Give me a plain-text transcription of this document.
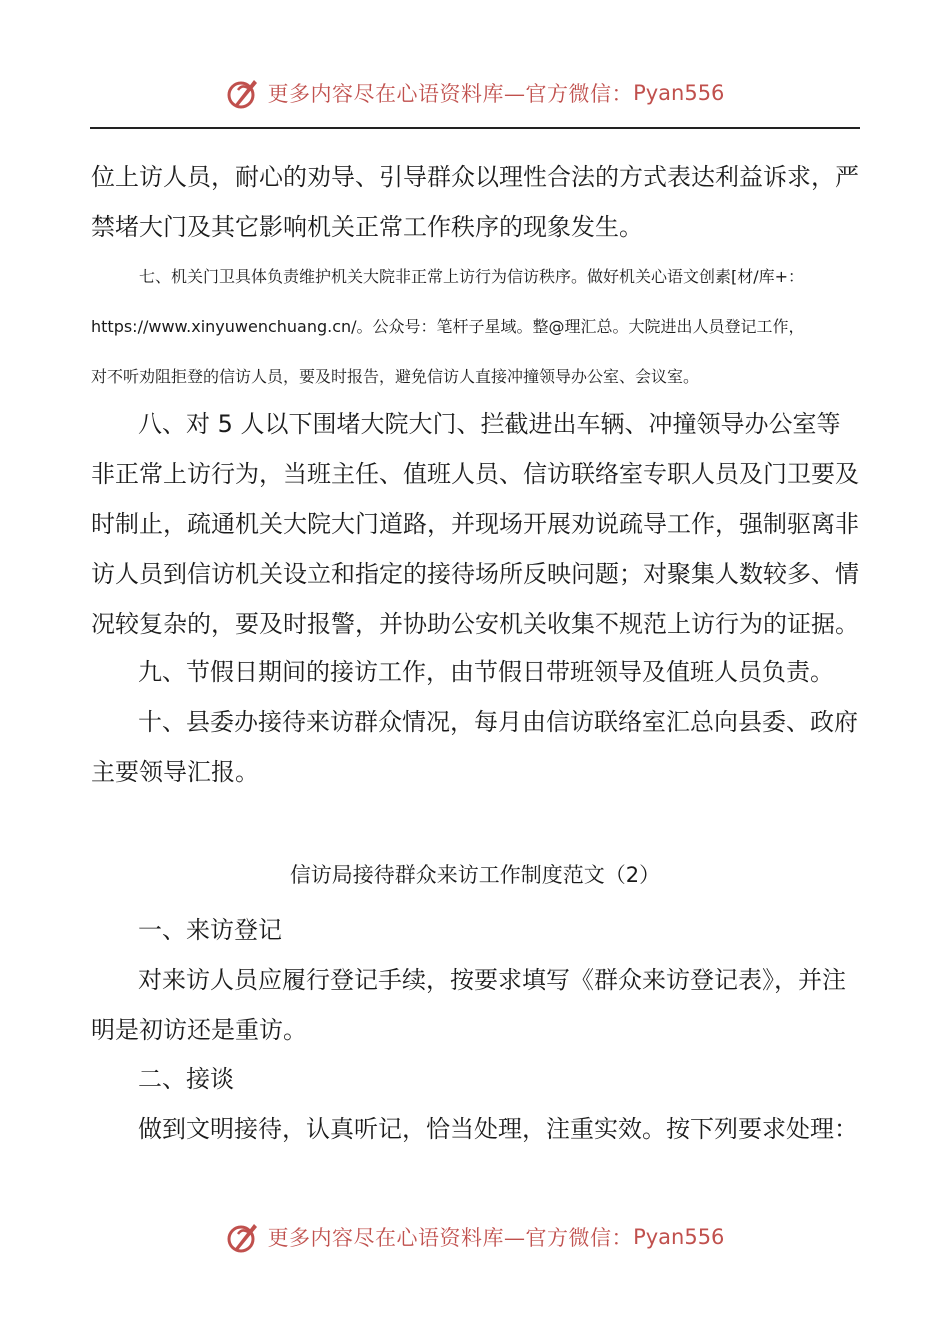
更多内容尽在心语资料库—官方微信： Pyan556

位上访人员，耐心的劝导、引导群众以理性合法的方式表达利益诉求，严禁堵大门及其它影响机关正常工作秩序的现象发生。

七、机关门卫具体负责维护机关大院非正常上访行为信访秩序。做好机关心语文创素[材/库+：

https://www.xinyuwenchuang.cn/。公众号：笔杆子星域。整@理汇总。大院进出人员登记工作，

对不听劝阻拒登的信访人员，要及时报告，避免信访人直接冲撞领导办公室、会议室。

八、对 5 人以下围堵大院大门、拦截进出车辆、冲撞领导办公室等非正常上访行为，当班主任、值班人员、信访联络室专职人员及门卫要及时制止，疏通机关大院大门道路，并现场开展劝说疏导工作，强制驱离非访人员到信访机关设立和指定的接待场所反映问题；对聚集人数较多、情况较复杂的，要及时报警，并协助公安机关收集不规范上访行为的证据。

九、节假日期间的接访工作，由节假日带班领导及值班人员负责。

十、县委办接待来访群众情况，每月由信访联络室汇总向县委、政府主要领导汇报。

信访局接待群众来访工作制度范文（2）

一、来访登记

对来访人员应履行登记手续，按要求填写《群众来访登记表》，并注明是初访还是重访。

二、接谈

做到文明接待，认真听记，恰当处理，注重实效。按下列要求处理：

更多内容尽在心语资料库—官方微信： Pyan556
